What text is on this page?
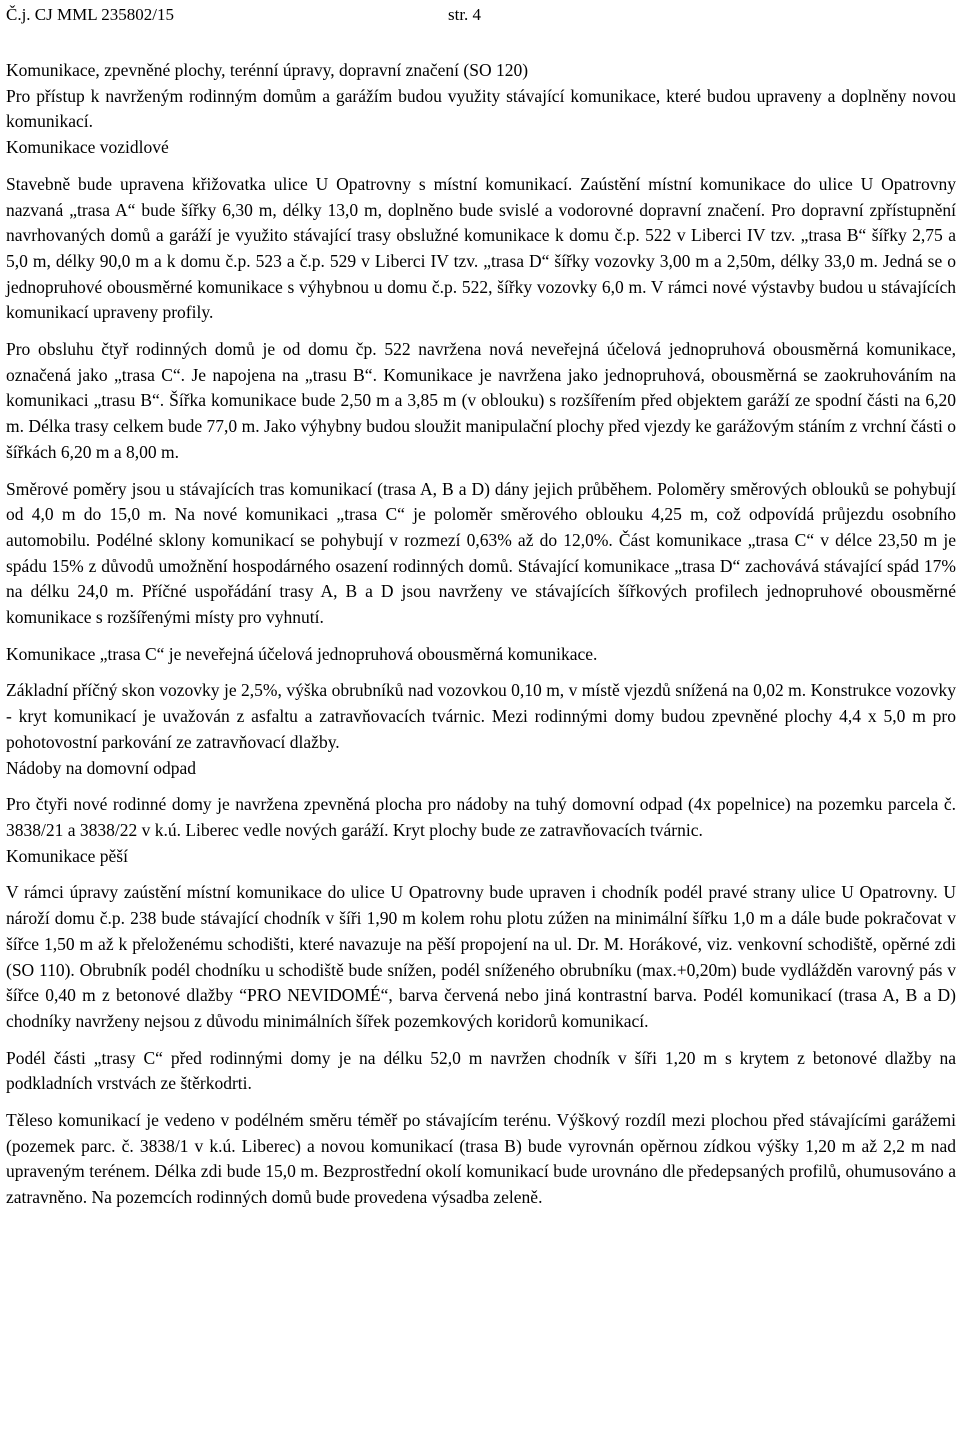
Č.j. CJ MML 235802/15	str. 4
Komunikace, zpevněné plochy, terénní úpravy, dopravní značení (SO 120)

Pro přístup k navrženým rodinným domům a garážím budou využity stávající komunikace, které budou upraveny a doplněny novou komunikací.

Komunikace vozidlové

Stavebně bude upravena křižovatka ulice U Opatrovny s místní komunikací. Zaústění místní komunikace do ulice U Opatrovny nazvaná „trasa A“ bude šířky 6,30 m, délky 13,0 m, doplněno bude svislé a vodorovné dopravní značení. Pro dopravní zpřístupnění navrhovaných domů a garáží je využito stávající trasy obslužné komunikace k domu č.p. 522 v Liberci IV tzv. „trasa B“ šířky 2,75 a 5,0 m, délky 90,0 m a k domu č.p. 523 a č.p. 529 v Liberci IV tzv. „trasa D“ šířky vozovky 3,00 m a 2,50m, délky 33,0 m. Jedná se o jednopruhové obousměrné komunikace s výhybnou u domu č.p. 522, šířky vozovky 6,0 m. V rámci nové výstavby budou u stávajících komunikací upraveny profily.

Pro obsluhu čtyř rodinných domů je od domu čp. 522 navržena nová neveřejná účelová jednopruhová obousměrná komunikace, označená jako „trasa C“. Je napojena na „trasu B“. Komunikace je navržena jako jednopruhová, obousměrná se zaokruhováním na komunikaci „trasu B“. Šířka komunikace bude 2,50 m a 3,85 m (v oblouku) s rozšířením před objektem garáží ze spodní části na 6,20 m. Délka trasy celkem bude 77,0 m. Jako výhybny budou sloužit manipulační plochy před vjezdy ke garážovým stáním z vrchní části o šířkách 6,20 m a 8,00 m.

Směrové poměry jsou u stávajících tras komunikací (trasa A, B a D) dány jejich průběhem. Poloměry směrových oblouků se pohybují od 4,0 m do 15,0 m. Na nové komunikaci „trasa C“ je poloměr směrového oblouku 4,25 m, což odpovídá průjezdu osobního automobilu. Podélné sklony komunikací se pohybují v rozmezí 0,63% až do 12,0%. Část komunikace „trasa C“ v délce 23,50 m je spádu 15% z důvodů umožnění hospodárného osazení rodinných domů. Stávající komunikace „trasa D“ zachovává stávající spád 17% na délku 24,0 m. Příčné uspořádání trasy A, B a D jsou navrženy ve stávajících šířkových profilech jednopruhové obousměrné komunikace s rozšířenými místy pro vyhnutí.

Komunikace „trasa C“ je neveřejná účelová jednopruhová obousměrná komunikace.

Základní příčný skon vozovky je 2,5%, výška obrubníků nad vozovkou 0,10 m, v místě vjezdů snížená na 0,02 m. Konstrukce vozovky - kryt komunikací je uvažován z asfaltu a zatravňovacích tvárnic. Mezi rodinnými domy budou zpevněné plochy 4,4 x 5,0 m pro pohotovostní parkování ze zatravňovací dlažby.

Nádoby na domovní odpad

Pro čtyři nové rodinné domy je navržena zpevněná plocha pro nádoby na tuhý domovní odpad (4x popelnice) na pozemku parcela č. 3838/21 a 3838/22 v k.ú. Liberec vedle nových garáží. Kryt plochy bude ze zatravňovacích tvárnic.

Komunikace pěší

V rámci úpravy zaústění místní komunikace do ulice U Opatrovny bude upraven i chodník podél pravé strany ulice U Opatrovny. U nároží domu č.p. 238 bude stávající chodník v šíři 1,90 m kolem rohu plotu zúžen na minimální šířku 1,0 m a dále bude pokračovat v šířce 1,50 m až k přeloženému schodišti, které navazuje na pěší propojení na ul. Dr. M. Horákové, viz. venkovní schodiště, opěrné zdi (SO 110). Obrubník podél chodníku u schodiště bude snížen, podél sníženého obrubníku (max.+0,20m) bude vydlážděn varovný pás v šířce 0,40 m z betonové dlažby “PRO NEVIDOMÉ“, barva červená nebo jiná kontrastní barva. Podél komunikací (trasa A, B a D) chodníky navrženy nejsou z důvodu minimálních šířek pozemkových koridorů komunikací.

Podél části „trasy C“ před rodinnými domy je na délku 52,0 m navržen chodník v šíři 1,20 m s krytem z betonové dlažby na podkladních vrstvách ze štěrkodrti.

Těleso komunikací je vedeno v podélném směru téměř po stávajícím terénu. Výškový rozdíl mezi plochou před stávajícími garážemi (pozemek parc. č. 3838/1 v k.ú. Liberec) a novou komunikací (trasa B) bude vyrovnán opěrnou zídkou výšky 1,20 m až 2,2 m nad upraveným terénem. Délka zdi bude 15,0 m. Bezprostřední okolí komunikací bude urovnáno dle předepsaných profilů, ohumusováno a zatravněno. Na pozemcích rodinných domů bude provedena výsadba zeleně.
